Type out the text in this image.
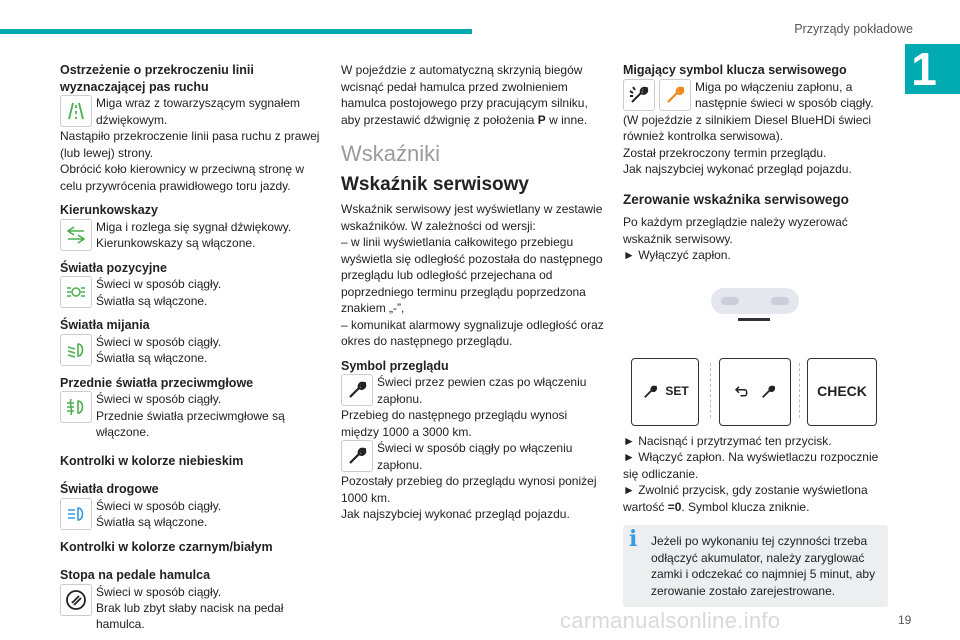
Przyrządy pokładowe
1
carmanualsonline.info	19

Ostrzeżenie o przekroczeniu linii wyznaczającej pas ruchu

Miga wraz z towarzyszącym sygnałem dźwiękowym.

Nastąpiło przekroczenie linii pasa ruchu z prawej (lub lewej) strony.

Obrócić koło kierownicy w przeciwną stronę w celu przywrócenia prawidłowego toru jazdy.

Kierunkowskazy

Miga i rozlega się sygnał dźwiękowy.

Kierunkowskazy są włączone.

Światła pozycyjne

Świeci w sposób ciągły.

Światła są włączone.

Światła mijania

Świeci w sposób ciągły.

Światła są włączone.

Przednie światła przeciwmgłowe

Świeci w sposób ciągły.

Przednie światła przeciwmgłowe są włączone.

Kontrolki w kolorze niebieskim

Światła drogowe

Świeci w sposób ciągły.

Światła są włączone.

Kontrolki w kolorze czarnym/białym

Stopa na pedale hamulca

Świeci w sposób ciągły.

Brak lub zbyt słaby nacisk na pedał hamulca.

W pojeździe z automatyczną skrzynią biegów wcisnąć pedał hamulca przed zwolnieniem hamulca postojowego przy pracującym silniku, aby przestawić dźwignię z położenia P w inne.

Wskaźniki

Wskaźnik serwisowy

Wskaźnik serwisowy jest wyświetlany w zestawie wskaźników. W zależności od wersji:

– w linii wyświetlania całkowitego przebiegu wyświetla się odległość pozostała do następnego przeglądu lub odległość przejechana od poprzedniego terminu przeglądu poprzedzona znakiem „-”,

– komunikat alarmowy sygnalizuje odległość oraz okres do następnego przeglądu.

Symbol przeglądu

Świeci przez pewien czas po włączeniu zapłonu.

Przebieg do następnego przeglądu wynosi między 1000 a 3000 km.

Świeci w sposób ciągły po włączeniu zapłonu.

Pozostały przebieg do przeglądu wynosi poniżej 1000 km.

Jak najszybciej wykonać przegląd pojazdu.

Migający symbol klucza serwisowego

Miga po włączeniu zapłonu, a następnie świeci w sposób ciągły.

(W pojeździe z silnikiem Diesel BlueHDi świeci również kontrolka serwisowa).

Został przekroczony termin przeglądu.

Jak najszybciej wykonać przegląd pojazdu.

Zerowanie wskaźnika serwisowego

Po każdym przeglądzie należy wyzerować wskaźnik serwisowy.

► Wyłączyć zapłon.

SET	CHECK

► Nacisnąć i przytrzymać ten przycisk.

► Włączyć zapłon. Na wyświetlaczu rozpocznie się odliczanie.

► Zwolnić przycisk, gdy zostanie wyświetlona wartość =0. Symbol klucza zniknie.

i	Jeżeli po wykonaniu tej czynności trzeba odłączyć akumulator, należy zaryglować zamki i odczekać co najmniej 5 minut, aby zerowanie zostało zarejestrowane.
